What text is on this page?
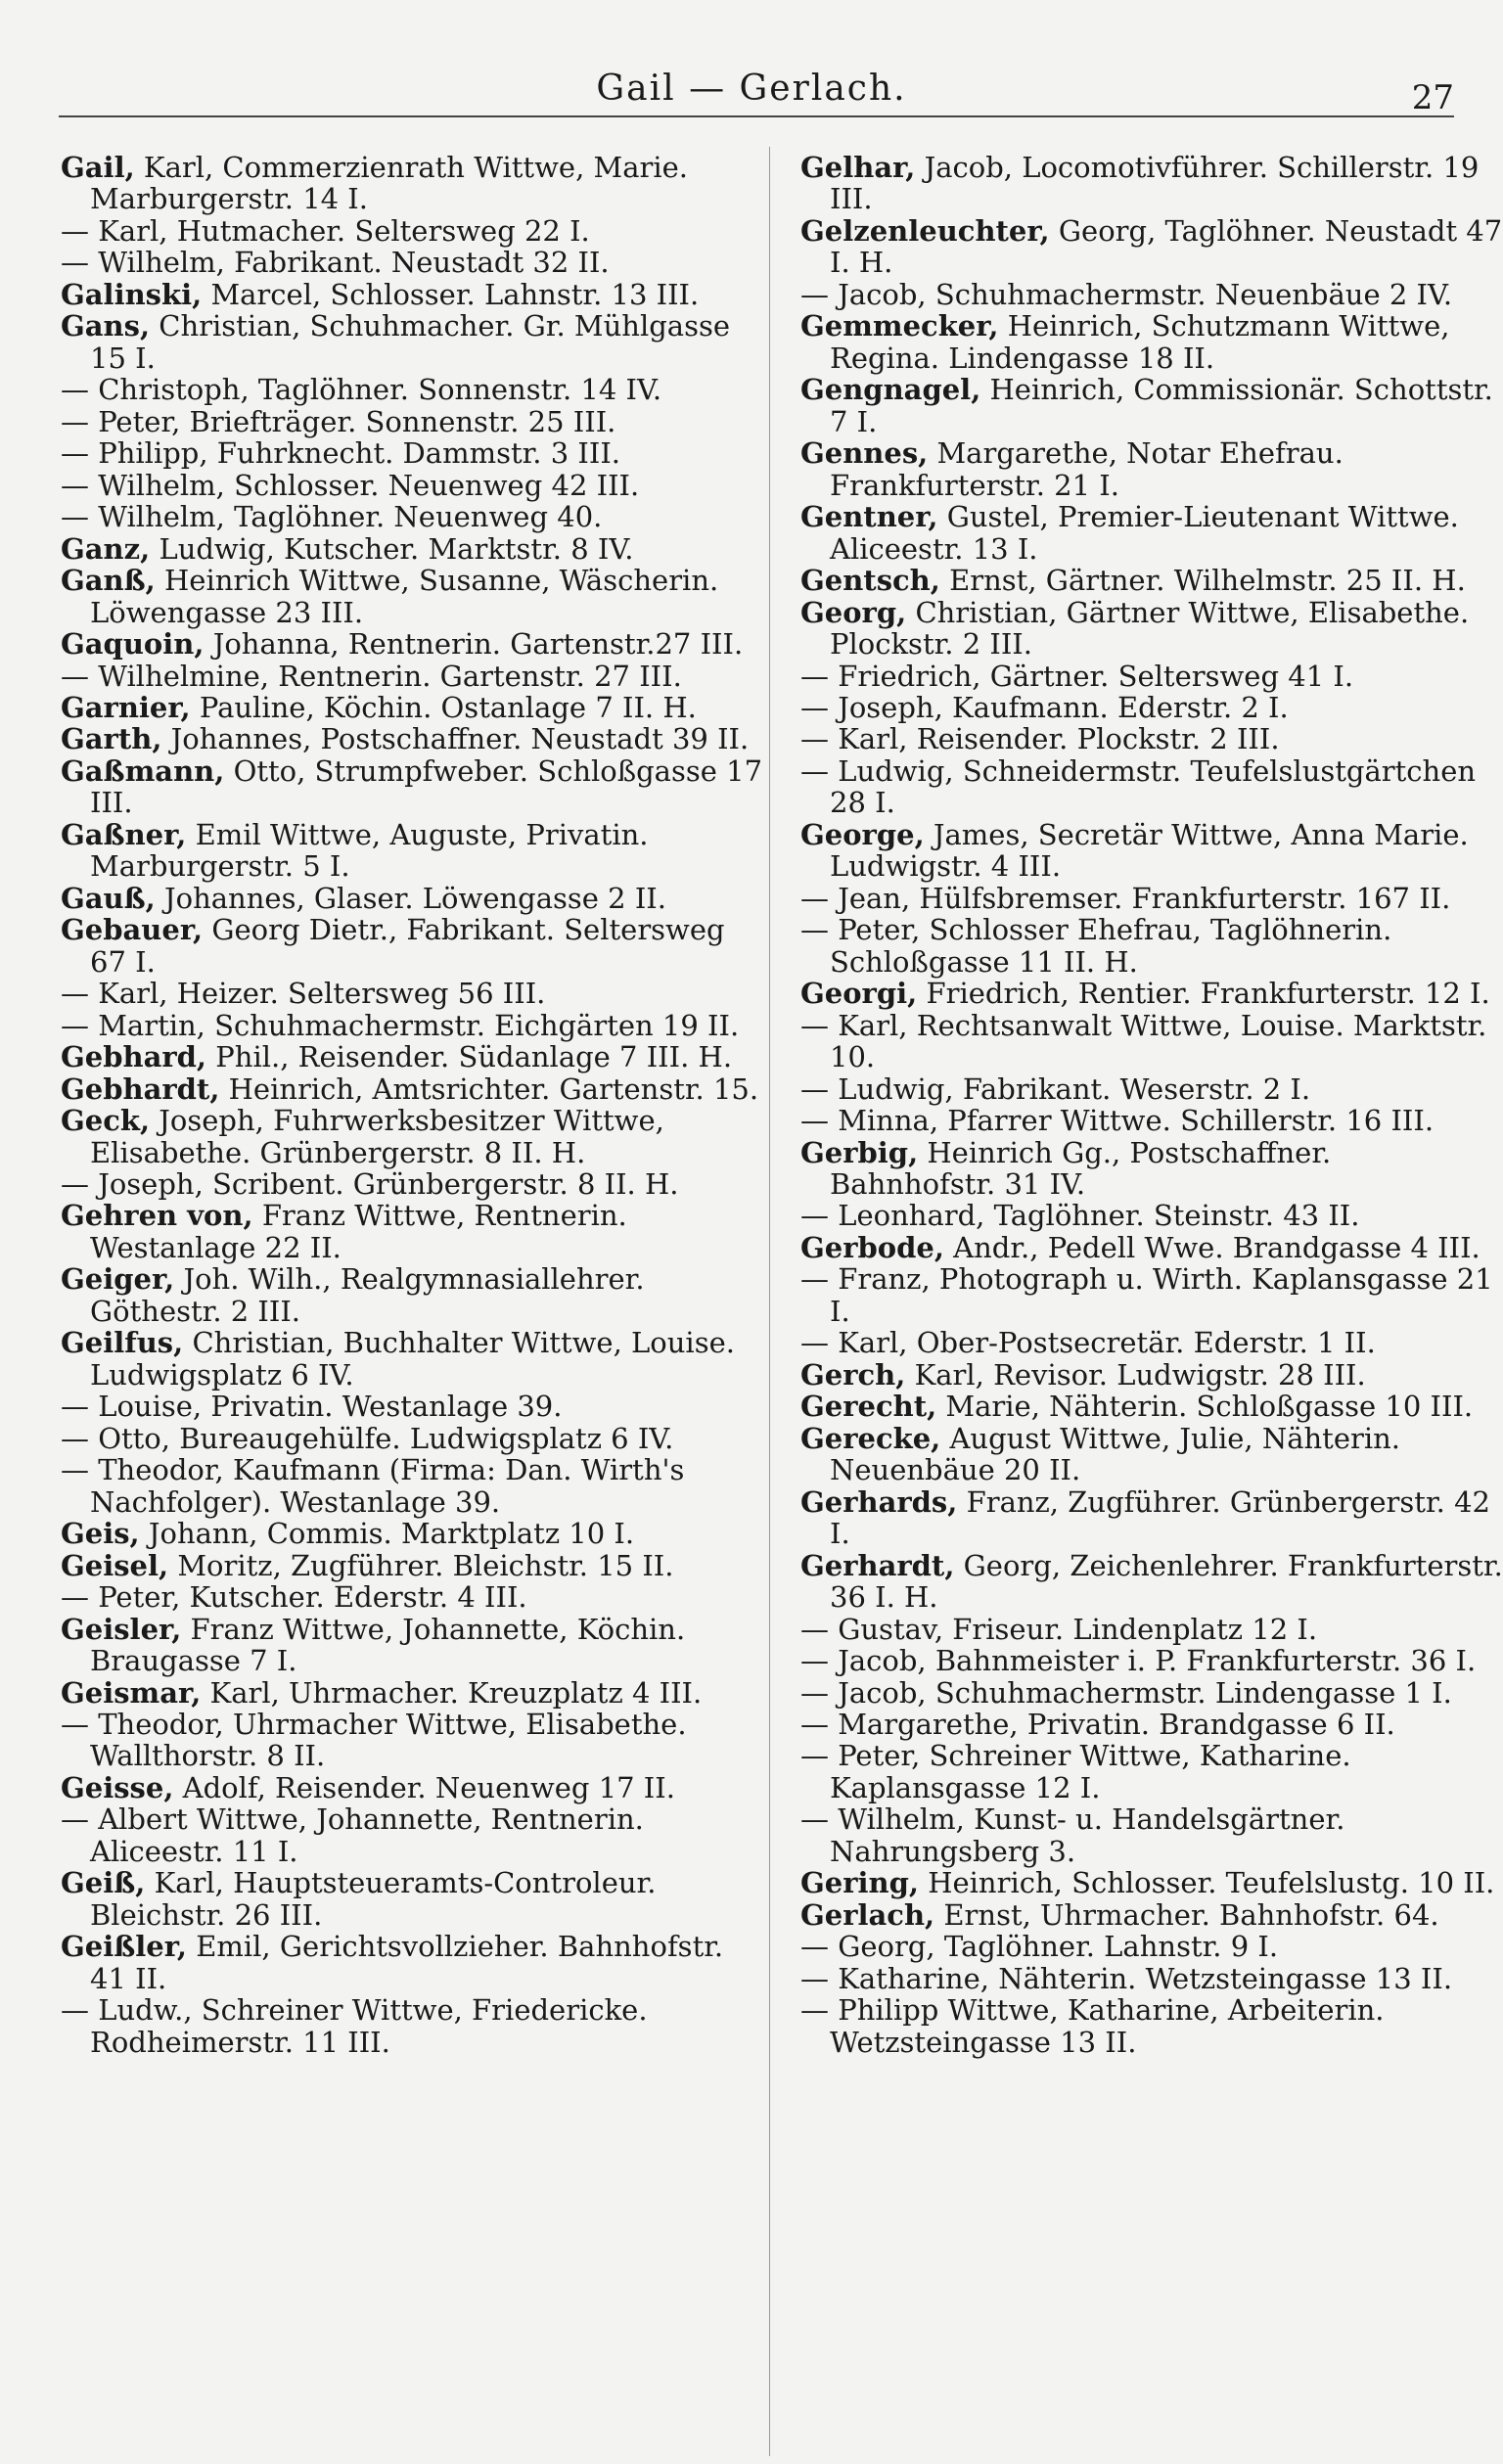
Gail — Gerlach.	27

Gail, Karl, Commerzienrath Wittwe, Marie. Marburgerstr. 14 I.

— Karl, Hutmacher. Seltersweg 22 I.

— Wilhelm, Fabrikant. Neustadt 32 II.

Galinski, Marcel, Schlosser. Lahnstr. 13 III.

Gans, Christian, Schuhmacher. Gr. Mühlgasse 15 I.

— Christoph, Taglöhner. Sonnenstr. 14 IV.

— Peter, Briefträger. Sonnenstr. 25 III.

— Philipp, Fuhrknecht. Dammstr. 3 III.

— Wilhelm, Schlosser. Neuenweg 42 III.

— Wilhelm, Taglöhner. Neuenweg 40.

Ganz, Ludwig, Kutscher. Marktstr. 8 IV.

Ganß, Heinrich Wittwe, Susanne, Wäscherin. Löwengasse 23 III.

Gaquoin, Johanna, Rentnerin. Gartenstr.27 III.

— Wilhelmine, Rentnerin. Gartenstr. 27 III.

Garnier, Pauline, Köchin. Ostanlage 7 II. H.

Garth, Johannes, Postschaffner. Neustadt 39 II.

Gaßmann, Otto, Strumpfweber. Schloßgasse 17 III.

Gaßner, Emil Wittwe, Auguste, Privatin. Marburgerstr. 5 I.

Gauß, Johannes, Glaser. Löwengasse 2 II.

Gebauer, Georg Dietr., Fabrikant. Seltersweg 67 I.

— Karl, Heizer. Seltersweg 56 III.

— Martin, Schuhmachermstr. Eichgärten 19 II.

Gebhard, Phil., Reisender. Südanlage 7 III. H.

Gebhardt, Heinrich, Amtsrichter. Gartenstr. 15.

Geck, Joseph, Fuhrwerksbesitzer Wittwe, Elisabethe. Grünbergerstr. 8 II. H.

— Joseph, Scribent. Grünbergerstr. 8 II. H.

Gehren von, Franz Wittwe, Rentnerin. Westanlage 22 II.

Geiger, Joh. Wilh., Realgymnasiallehrer. Göthestr. 2 III.

Geilfus, Christian, Buchhalter Wittwe, Louise. Ludwigsplatz 6 IV.

— Louise, Privatin. Westanlage 39.

— Otto, Bureaugehülfe. Ludwigsplatz 6 IV.

— Theodor, Kaufmann (Firma: Dan. Wirth's Nachfolger). Westanlage 39.

Geis, Johann, Commis. Marktplatz 10 I.

Geisel, Moritz, Zugführer. Bleichstr. 15 II.

— Peter, Kutscher. Ederstr. 4 III.

Geisler, Franz Wittwe, Johannette, Köchin. Braugasse 7 I.

Geismar, Karl, Uhrmacher. Kreuzplatz 4 III.

— Theodor, Uhrmacher Wittwe, Elisabethe. Wallthorstr. 8 II.

Geisse, Adolf, Reisender. Neuenweg 17 II.

— Albert Wittwe, Johannette, Rentnerin. Aliceestr. 11 I.

Geiß, Karl, Hauptsteueramts-Controleur. Bleichstr. 26 III.

Geißler, Emil, Gerichtsvollzieher. Bahnhofstr. 41 II.

— Ludw., Schreiner Wittwe, Friedericke. Rodheimerstr. 11 III.

Gelhar, Jacob, Locomotivführer. Schillerstr. 19 III.

Gelzenleuchter, Georg, Taglöhner. Neustadt 47 I. H.

— Jacob, Schuhmachermstr. Neuenbäue 2 IV.

Gemmecker, Heinrich, Schutzmann Wittwe, Regina. Lindengasse 18 II.

Gengnagel, Heinrich, Commissionär. Schottstr. 7 I.

Gennes, Margarethe, Notar Ehefrau. Frankfurterstr. 21 I.

Gentner, Gustel, Premier-Lieutenant Wittwe. Aliceestr. 13 I.

Gentsch, Ernst, Gärtner. Wilhelmstr. 25 II. H.

Georg, Christian, Gärtner Wittwe, Elisabethe. Plockstr. 2 III.

— Friedrich, Gärtner. Seltersweg 41 I.

— Joseph, Kaufmann. Ederstr. 2 I.

— Karl, Reisender. Plockstr. 2 III.

— Ludwig, Schneidermstr. Teufelslustgärtchen 28 I.

George, James, Secretär Wittwe, Anna Marie. Ludwigstr. 4 III.

— Jean, Hülfsbremser. Frankfurterstr. 167 II.

— Peter, Schlosser Ehefrau, Taglöhnerin. Schloßgasse 11 II. H.

Georgi, Friedrich, Rentier. Frankfurterstr. 12 I.

— Karl, Rechtsanwalt Wittwe, Louise. Marktstr. 10.

— Ludwig, Fabrikant. Weserstr. 2 I.

— Minna, Pfarrer Wittwe. Schillerstr. 16 III.

Gerbig, Heinrich Gg., Postschaffner. Bahnhofstr. 31 IV.

— Leonhard, Taglöhner. Steinstr. 43 II.

Gerbode, Andr., Pedell Wwe. Brandgasse 4 III.

— Franz, Photograph u. Wirth. Kaplansgasse 21 I.

— Karl, Ober-Postsecretär. Ederstr. 1 II.

Gerch, Karl, Revisor. Ludwigstr. 28 III.

Gerecht, Marie, Nähterin. Schloßgasse 10 III.

Gerecke, August Wittwe, Julie, Nähterin. Neuenbäue 20 II.

Gerhards, Franz, Zugführer. Grünbergerstr. 42 I.

Gerhardt, Georg, Zeichenlehrer. Frankfurterstr. 36 I. H.

— Gustav, Friseur. Lindenplatz 12 I.

— Jacob, Bahnmeister i. P. Frankfurterstr. 36 I.

— Jacob, Schuhmachermstr. Lindengasse 1 I.

— Margarethe, Privatin. Brandgasse 6 II.

— Peter, Schreiner Wittwe, Katharine. Kaplansgasse 12 I.

— Wilhelm, Kunst- u. Handelsgärtner. Nahrungsberg 3.

Gering, Heinrich, Schlosser. Teufelslustg. 10 II.

Gerlach, Ernst, Uhrmacher. Bahnhofstr. 64.

— Georg, Taglöhner. Lahnstr. 9 I.

— Katharine, Nähterin. Wetzsteingasse 13 II.

— Philipp Wittwe, Katharine, Arbeiterin. Wetzsteingasse 13 II.
